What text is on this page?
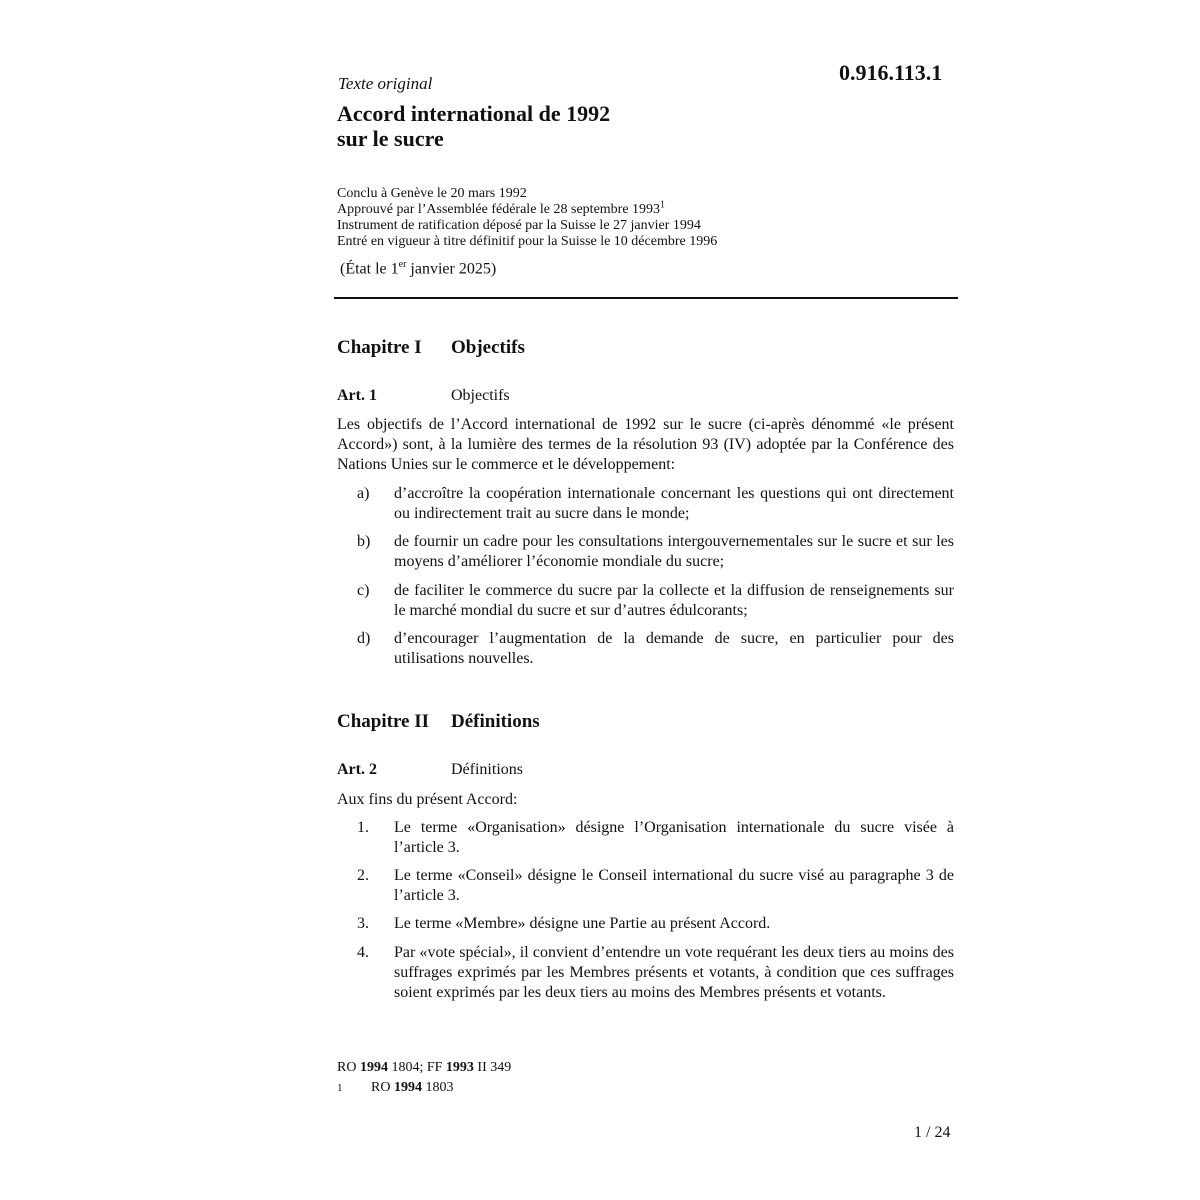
0.916.113.1
Texte original
Accord international de 1992
sur le sucre
Conclu à Genève le 20 mars 1992
Approuvé par l’Assemblée fédérale le 28 septembre 1993$^1$
Instrument de ratification déposé par la Suisse le 27 janvier 1994
Entré en vigueur à titre définitif pour la Suisse le 10 décembre 1996
(État le 1er janvier 2025)
Chapitre I Objectifs
Art. 1	Objectifs
Les objectifs de l’Accord international de 1992 sur le sucre (ci-après dénommé «le présent Accord») sont, à la lumière des termes de la résolution 93 (IV) adoptée par la Conférence des Nations Unies sur le commerce et le développement:
a) d’accroître la coopération internationale concernant les questions qui ont directement ou indirectement trait au sucre dans le monde;
b) de fournir un cadre pour les consultations intergouvernementales sur le sucre et sur les moyens d’améliorer l’économie mondiale du sucre;
c) de faciliter le commerce du sucre par la collecte et la diffusion de renseignements sur le marché mondial du sucre et sur d’autres édulcorants;
d) d’encourager l’augmentation de la demande de sucre, en particulier pour des utilisations nouvelles.
Chapitre II Définitions
Art. 2	Définitions
Aux fins du présent Accord:
1. Le terme «Organisation» désigne l’Organisation internationale du sucre visée à l’article 3.
2. Le terme «Conseil» désigne le Conseil international du sucre visé au paragraphe 3 de l’article 3.
3. Le terme «Membre» désigne une Partie au présent Accord.
4. Par «vote spécial», il convient d’entendre un vote requérant les deux tiers au moins des suffrages exprimés par les Membres présents et votants, à condition que ces suffrages soient exprimés par les deux tiers au moins des Membres présents et votants.
RO 1994 1804; FF 1993 II 349
1 RO 1994 1803
1 / 24
